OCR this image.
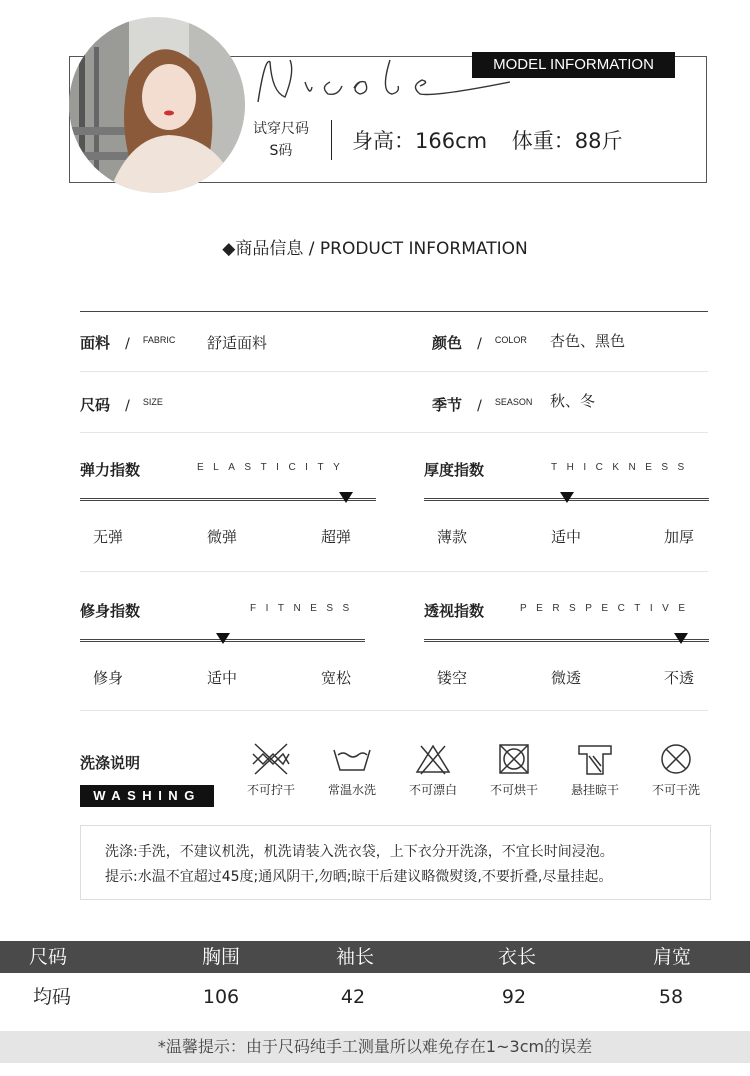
MODEL INFORMATION
试穿尺码
S码	身高：166cm 体重：88斤
◆商品信息 / PRODUCT INFORMATION
面料 / $^{FABRIC}$ 舒适面料	颜色 / $^{COLOR}$ 杏色、黑色
尺码 / $^{SIZE}$	季节 / $^{SEASON}$ 秋、冬
弹力指数	ELASTICITY
无弹	微弹	超弹
厚度指数	THICKNESS
薄款	适中	加厚
修身指数	FITNESS
修身	适中	宽松
透视指数	PERSPECTIVE
镂空	微透	不透
洗涤说明
WASHING	不可拧干	常温水洗	不可漂白	不可烘干	悬挂晾干	不可干洗
洗涤:手洗，不建议机洗，机洗请装入洗衣袋，上下衣分开洗涤，不宜长时间浸泡。
提示:水温不宜超过45度;通风阴干,勿晒;晾干后建议略微熨烫,不要折叠,尽量挂起。
尺码	胸围	袖长	衣长	肩宽
均码	106	42	92	58
*温馨提示：由于尺码纯手工测量所以难免存在1~3cm的误差
